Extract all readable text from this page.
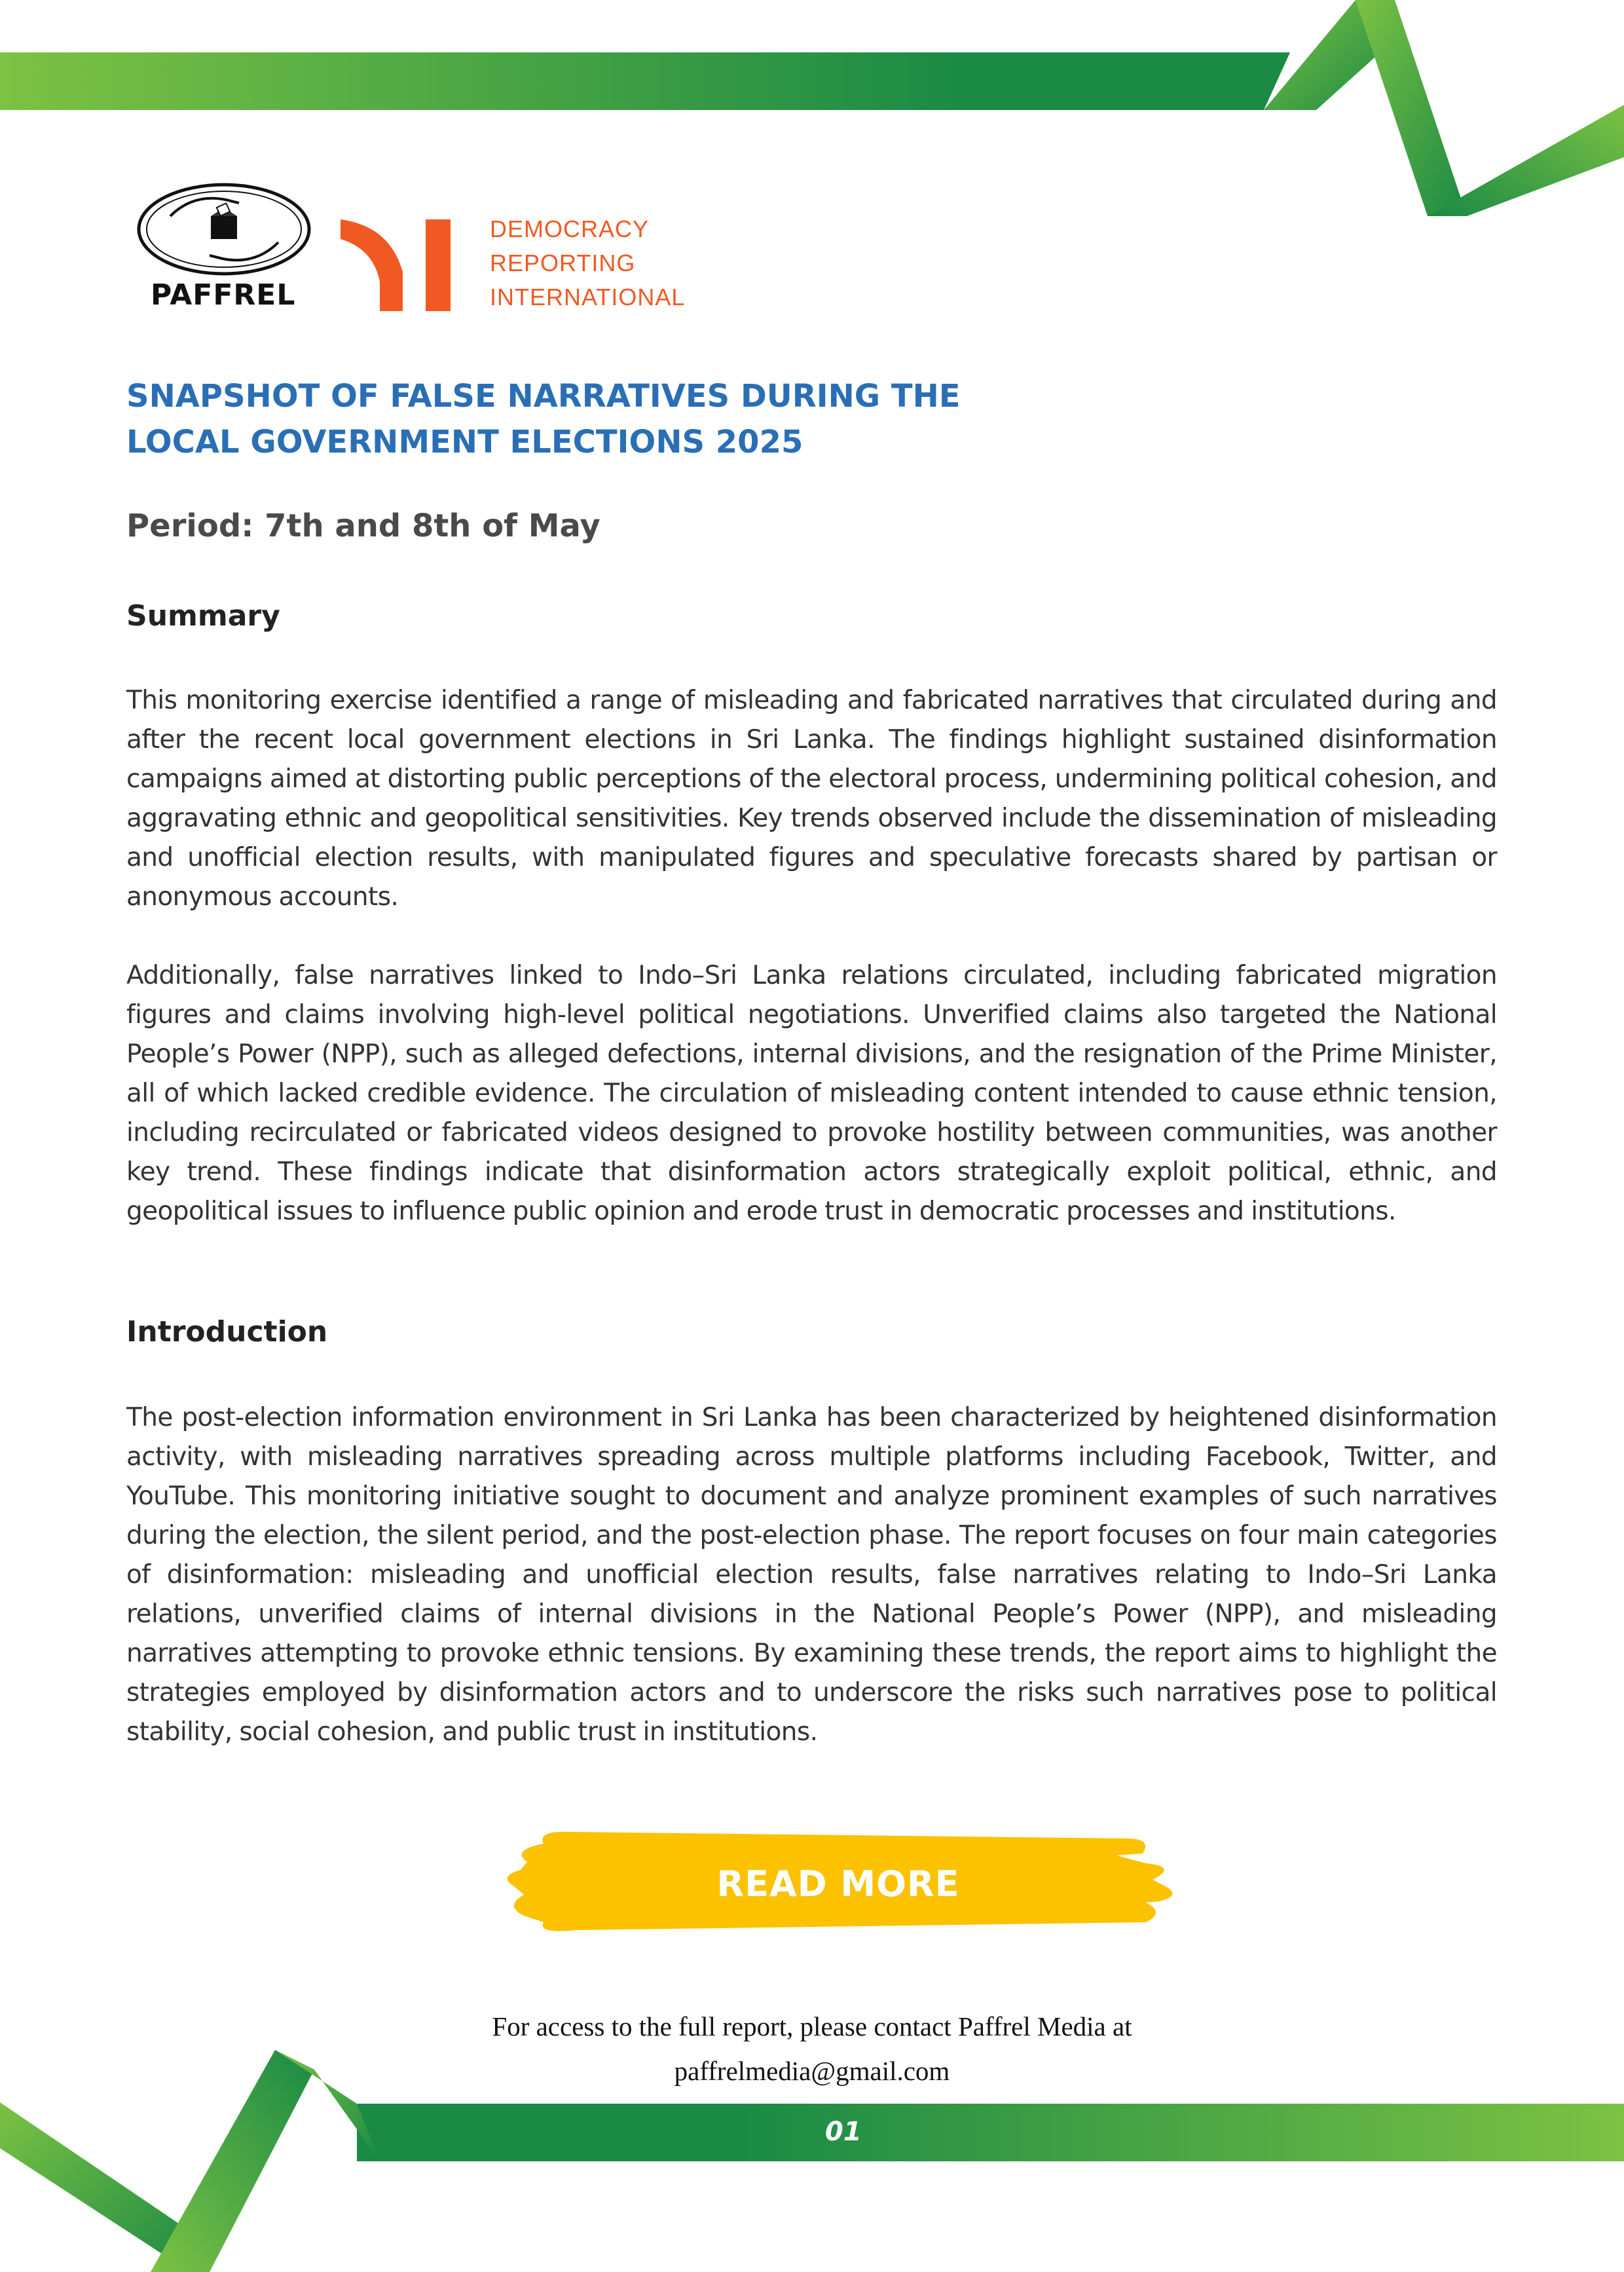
PAFFREL
DEMOCRACY
REPORTING
INTERNATIONAL
SNAPSHOT OF FALSE NARRATIVES DURING THE
LOCAL GOVERNMENT ELECTIONS 2025
Period: 7th and 8th of May
Summary

This monitoring exercise identified a range of misleading and fabricated narratives that circulated during and after the recent local government elections in Sri Lanka. The findings highlight sustained disinformation campaigns aimed at distorting public perceptions of the electoral process, undermining political cohesion, and aggravating ethnic and geopolitical sensitivities. Key trends observed include the dissemination of misleading and unofficial election results, with manipulated figures and speculative forecasts shared by partisan or anonymous accounts.

Additionally, false narratives linked to Indo–Sri Lanka relations circulated, including fabricated migration figures and claims involving high-level political negotiations. Unverified claims also targeted the National People’s Power (NPP), such as alleged defections, internal divisions, and the resignation of the Prime Minister, all of which lacked credible evidence. The circulation of misleading content intended to cause ethnic tension, including recirculated or fabricated videos designed to provoke hostility between communities, was another key trend. These findings indicate that disinformation actors strategically exploit political, ethnic, and geopolitical issues to influence public opinion and erode trust in democratic processes and institutions.

Introduction

The post-election information environment in Sri Lanka has been characterized by heightened disinformation activity, with misleading narratives spreading across multiple platforms including Facebook, Twitter, and YouTube. This monitoring initiative sought to document and analyze prominent examples of such narratives during the election, the silent period, and the post-election phase. The report focuses on four main categories of disinformation: misleading and unofficial election results, false narratives relating to Indo–Sri Lanka relations, unverified claims of internal divisions in the National People’s Power (NPP), and misleading narratives attempting to provoke ethnic tensions. By examining these trends, the report aims to highlight the strategies employed by disinformation actors and to underscore the risks such narratives pose to political stability, social cohesion, and public trust in institutions.

READ MORE
For access to the full report, please contact Paffrel Media at
paffrelmedia@gmail.com
01
